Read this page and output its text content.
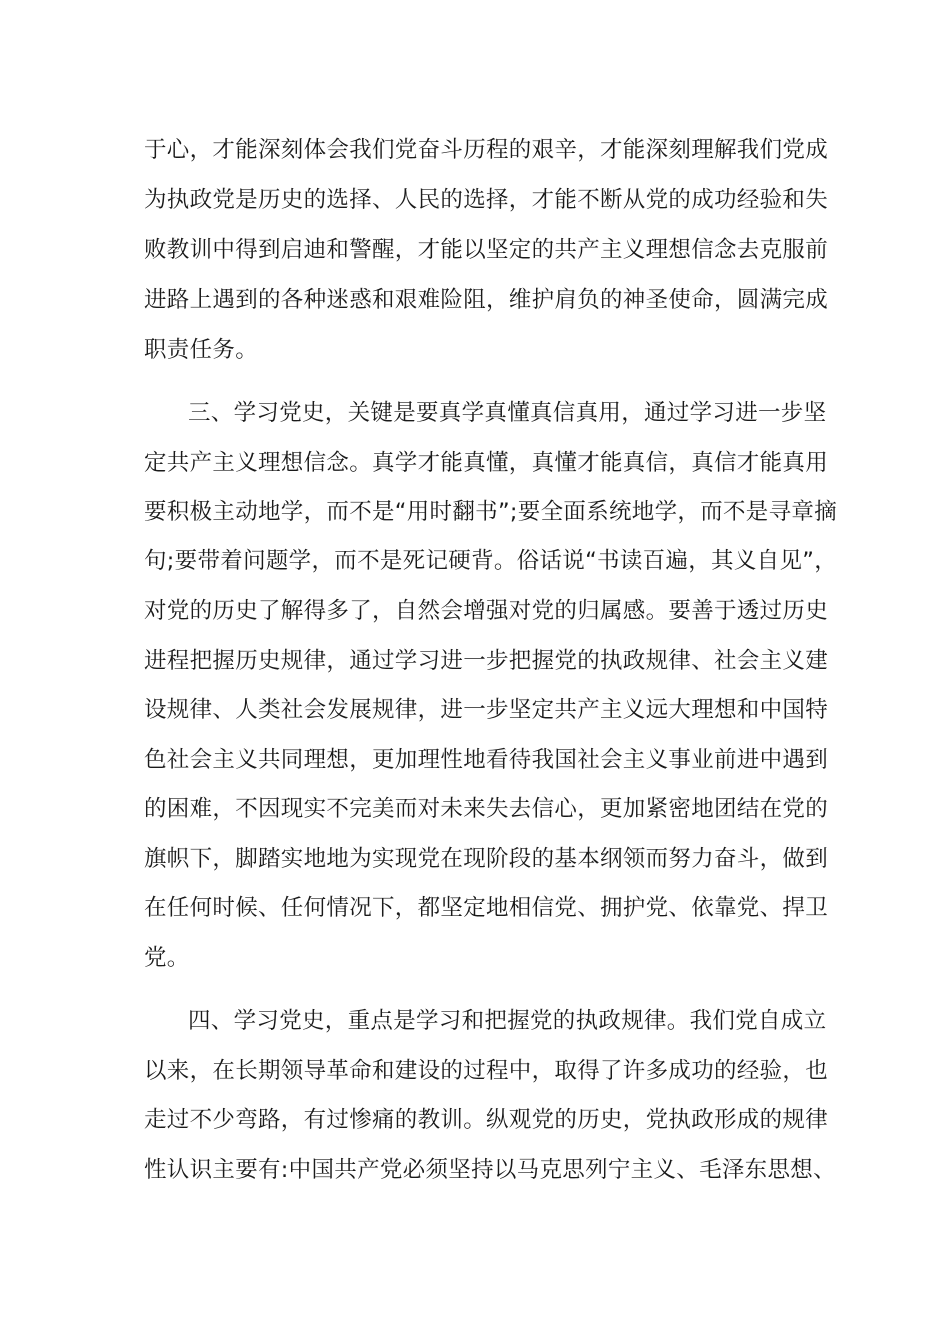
于心，才能深刻体会我们党奋斗历程的艰辛，才能深刻理解我们党成
为执政党是历史的选择、人民的选择，才能不断从党的成功经验和失
败教训中得到启迪和警醒，才能以坚定的共产主义理想信念去克服前
进路上遇到的各种迷惑和艰难险阻，维护肩负的神圣使命，圆满完成
职责任务。
三、学习党史，关键是要真学真懂真信真用，通过学习进一步坚
定共产主义理想信念。真学才能真懂，真懂才能真信，真信才能真用
要积极主动地学，而不是“用时翻书”;要全面系统地学，而不是寻章摘
句;要带着问题学，而不是死记硬背。俗话说“书读百遍，其义自见”，
对党的历史了解得多了，自然会增强对党的归属感。要善于透过历史
进程把握历史规律，通过学习进一步把握党的执政规律、社会主义建
设规律、人类社会发展规律，进一步坚定共产主义远大理想和中国特
色社会主义共同理想，更加理性地看待我国社会主义事业前进中遇到
的困难，不因现实不完美而对未来失去信心，更加紧密地团结在党的
旗帜下，脚踏实地地为实现党在现阶段的基本纲领而努力奋斗，做到
在任何时候、任何情况下，都坚定地相信党、拥护党、依靠党、捍卫
党。
四、学习党史，重点是学习和把握党的执政规律。我们党自成立
以来，在长期领导革命和建设的过程中，取得了许多成功的经验，也
走过不少弯路，有过惨痛的教训。纵观党的历史，党执政形成的规律
性认识主要有:中国共产党必须坚持以马克思列宁主义、毛泽东思想、
